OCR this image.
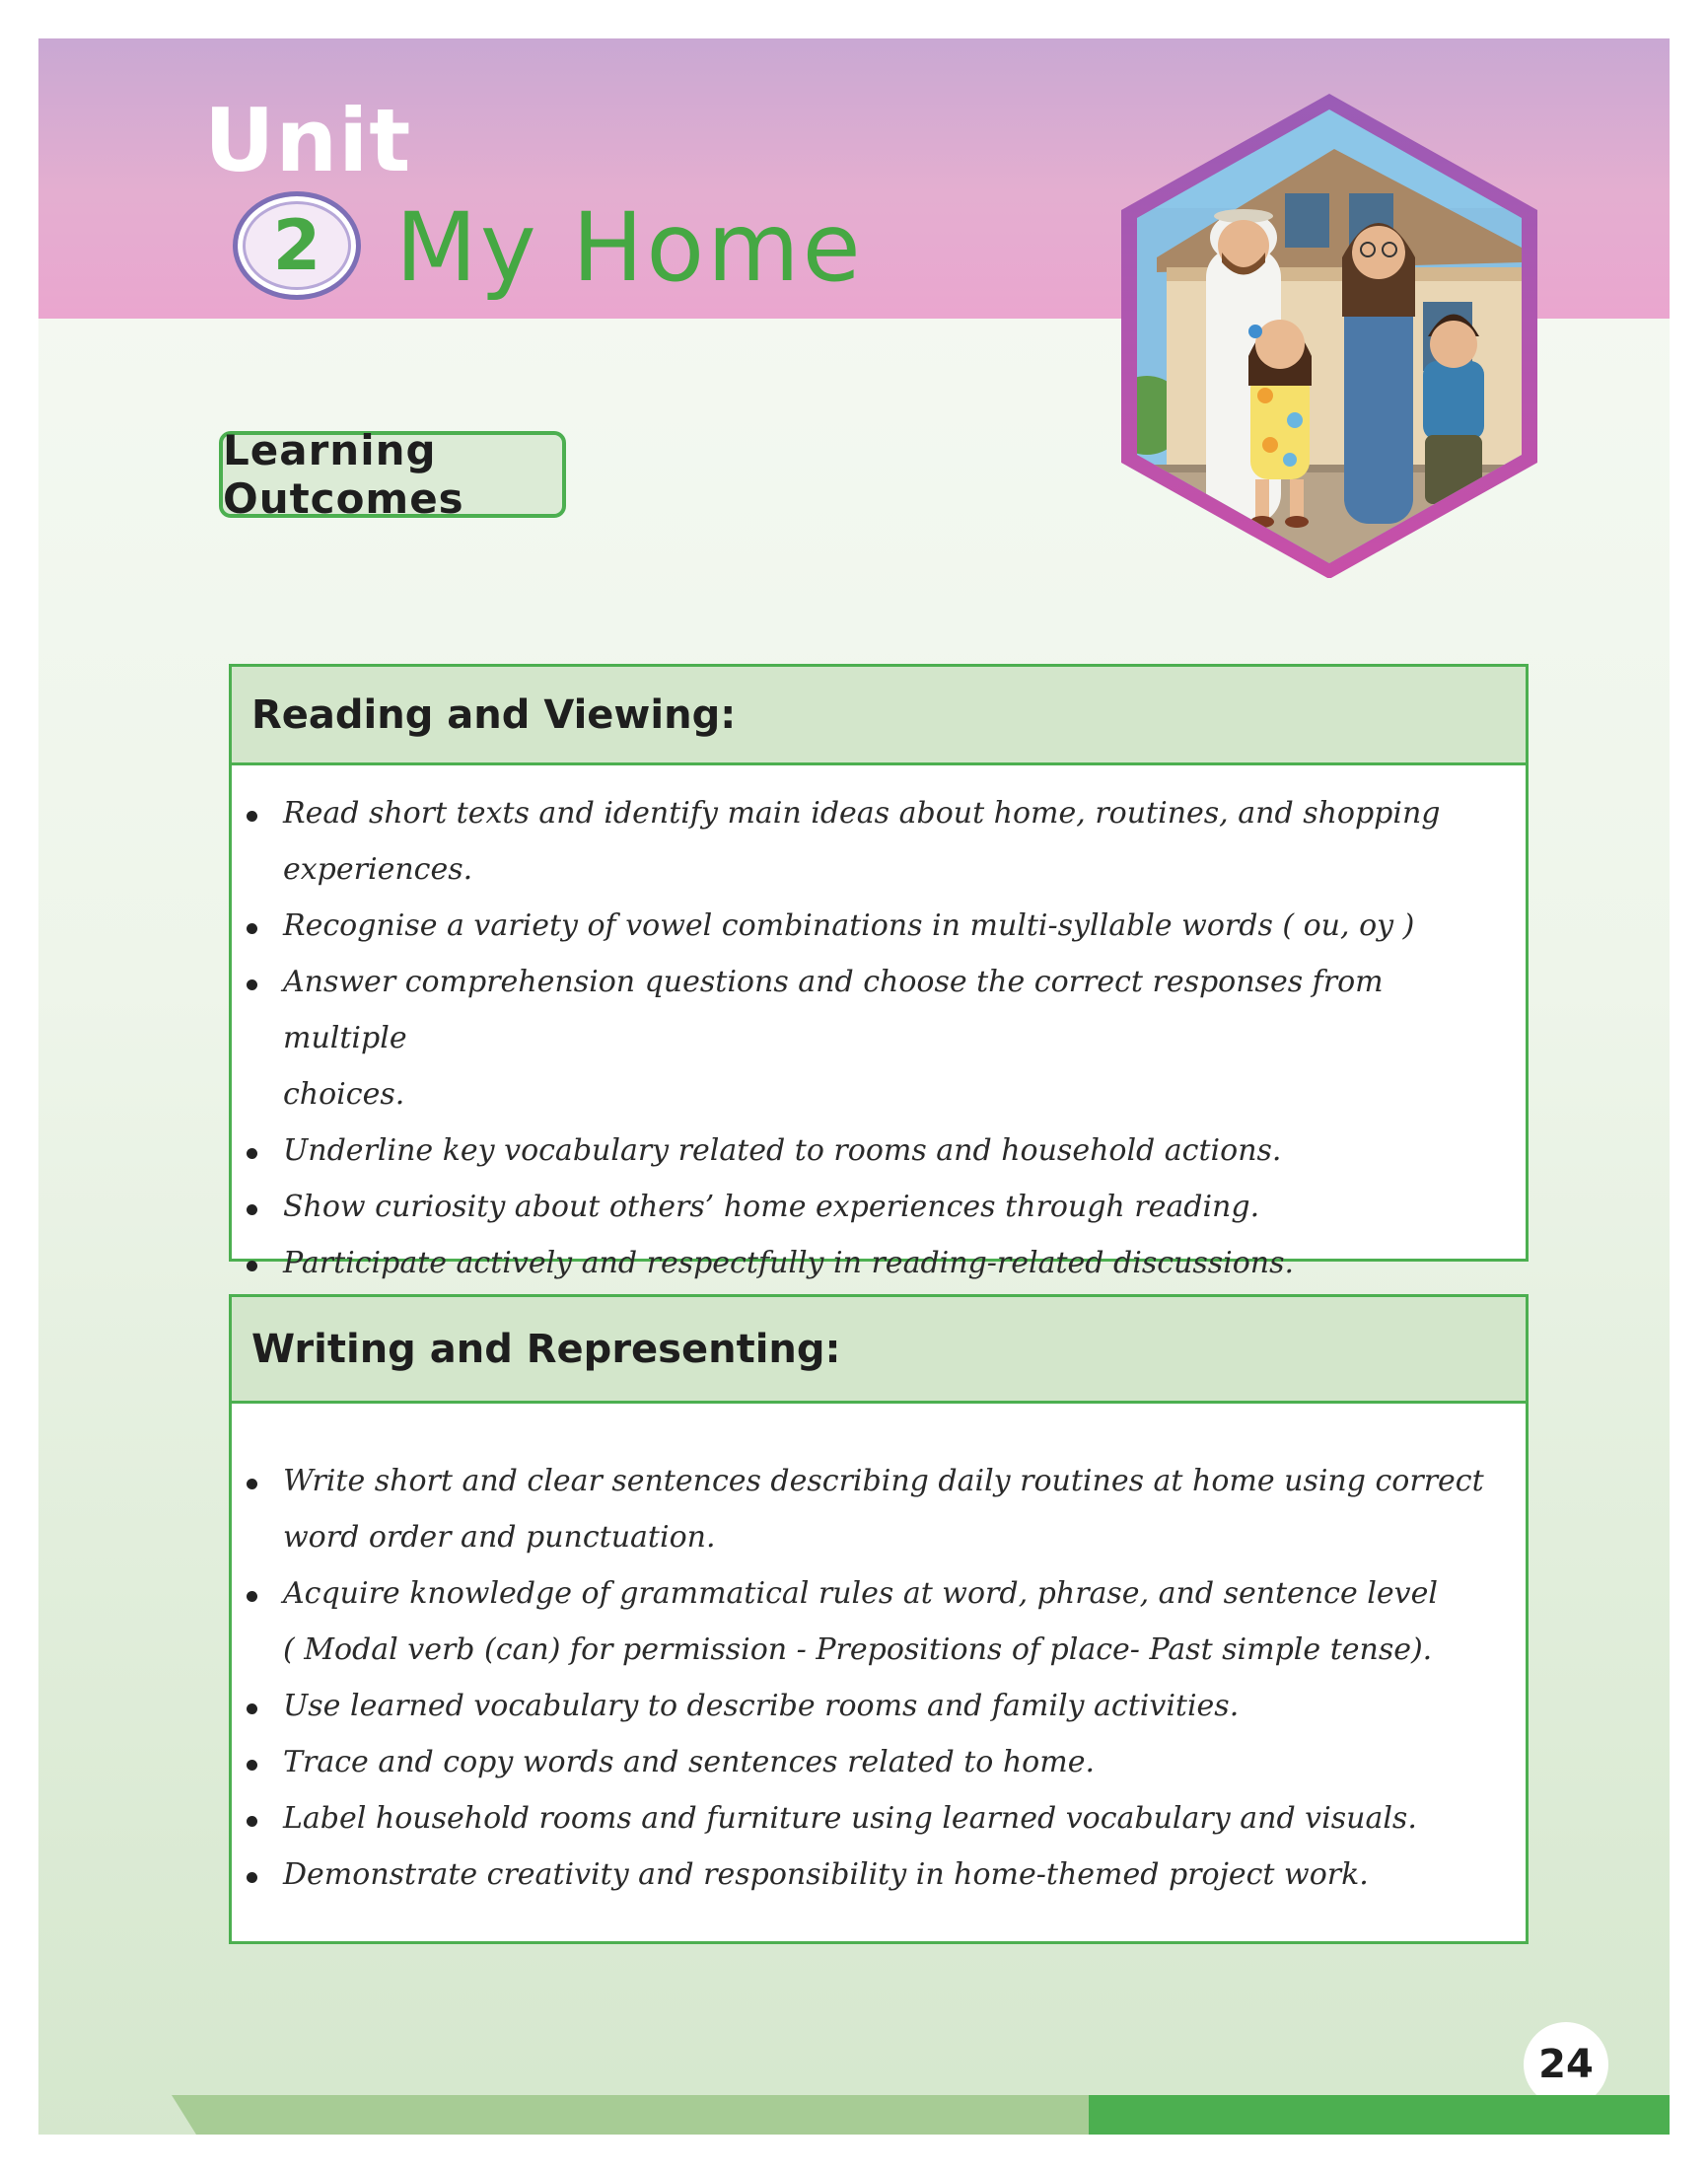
Unit
2 My Home
Learning Outcomes
Reading and Viewing:
Read short texts and identify main ideas about home, routines, and shopping
experiences.
Recognise a variety of vowel combinations in multi-syllable words ( ou, oy )
Answer comprehension questions and choose the correct responses from multiple
choices.
Underline key vocabulary related to rooms and household actions.
Show curiosity about others’ home experiences through reading.
Participate actively and respectfully in reading-related discussions.
Writing and Representing:
Write short and clear sentences describing daily routines at home using correct
word order and punctuation.
Acquire knowledge of grammatical rules at word, phrase, and sentence level
( Modal verb (can) for permission - Prepositions of place- Past simple tense).
Use learned vocabulary to describe rooms and family activities.
Trace and copy words and sentences related to home.
Label household rooms and furniture using learned vocabulary and visuals.
Demonstrate creativity and responsibility in home-themed project work.
24
